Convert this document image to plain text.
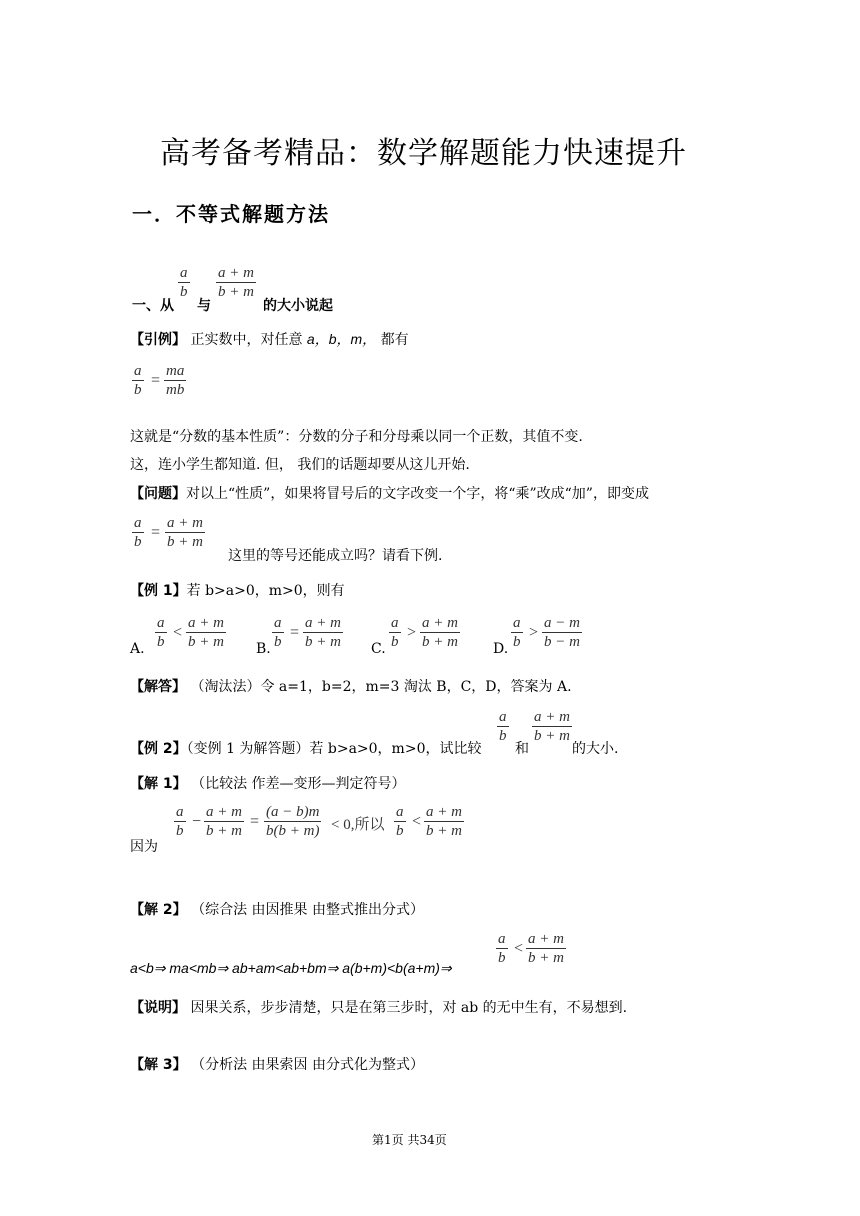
高考备考精品：数学解题能力快速提升
一．不等式解题方法
一、从
a
b
与
a + m
b + m
的大小说起
【引例】 正实数中，对任意 a，b，m， 都有
a
b
=
ma
mb
这就是“分数的基本性质”：分数的分子和分母乘以同一个正数，其值不变.
这，连小学生都知道. 但， 我们的话题却要从这儿开始.
【问题】对以上“性质”，如果将冒号后的文字改变一个字，将“乘”改成“加”，即变成
a
b
=
a + m
b + m
这里的等号还能成立吗？请看下例.
【例 1】若 b>a>0，m>0，则有
A.
a
b
<
a + m
b + m B.
a
b
=
a + m
b + m C.
a
b
>
a + m
b + m	D.
a
b
>
a − m
b − m
【解答】 （淘汰法）令 a=1，b=2，m=3 淘汰 B，C，D，答案为 A.
【例 2】（变例 1 为解答题）若 b>a>0，m>0，试比较
a
b
和
a + m
b + m
的大小.
【解 1】 （比较法 作差—变形—判定符号）
因为
a
b
−
a + m
b + m
=
(a − b)m
b(b + m) < 0,所以
a
b
<
a + m
b + m
【解 2】 （综合法 由因推果 由整式推出分式）
a<b⇒ ma<mb⇒ ab+am<ab+bm⇒ a(b+m)<b(a+m)⇒
a
b
<
a + m
b + m
【说明】 因果关系，步步清楚，只是在第三步时，对 ab 的无中生有，不易想到.
【解 3】 （分析法 由果索因 由分式化为整式）
第1页 共34页
